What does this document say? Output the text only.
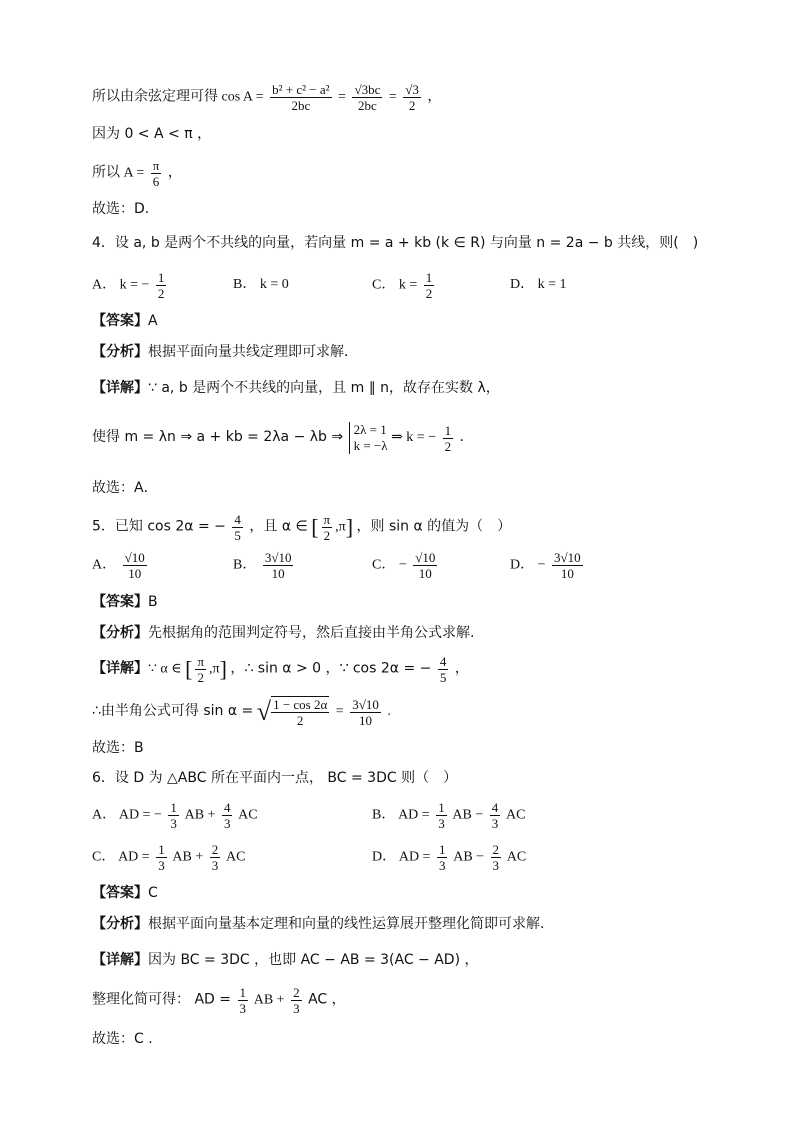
所以由余弦定理可得 $\cos A = \frac{\text{b² + c² − a²}}{2bc} = \frac{√3bc}{2bc} = \frac{√3}{2}$ ，
因为 0 < A < π ，
所以 $A = \frac{\pi}{6}$ ，
故选：D.
4．设 a, b 是两个不共线的向量，若向量 m = a + kb (k ∈ R) 与向量 n = 2a − b 共线，则(　)
A． k = − $\frac{1}{2}$	B． k = 0	C． $k = \frac{1}{2}$	D． k = 1
【答案】A
【分析】根据平面向量共线定理即可求解．
【详解】∵ a, b 是两个不共线的向量，且 m ∥ n，故存在实数 λ，
使得 m = λn ⇒ a + kb = 2λa − λb ⇒ 2λ = 1
k = −λ
⇒ k = − $\frac{1}{2}$ ．
故选：A．
5．已知 cos 2α = − $\frac{4}{5}$ ，且 α ∈ [ $\frac{\pi}{2} ,\pi$] ，则 sin α 的值为（　）
A． $\frac{√10}{10}$	B． $\frac{3√10}{10}$	C． − $\frac{√10}{10}$	D． − $\frac{3√10}{10}$
【答案】B
【分析】先根据角的范围判定符号，然后直接由半角公式求解.
【详解】∵ α ∈ [ $\frac{\pi}{2} ,\pi$] ，∴ sin α > 0 ，∵ cos 2α = − $\frac{4}{5}$ ，
∴由半角公式可得 sin α = √ $\frac{1 - \cos 2\alpha}{2} = \frac{3√10}{10}$ .
故选：B
6．设 D 为 △ABC 所在平面内一点， BC = 3DC 则（　）
A． AD = − $\frac{1}{3}$ AB + $\frac{4}{3}$ AC	B． AD = $\frac{1}{3}$ AB − $\frac{4}{3}$ AC
C． AD = $\frac{1}{3}$ AB + $\frac{2}{3}$ AC	D． AD = $\frac{1}{3}$ AB − $\frac{2}{3}$ AC
【答案】C
【分析】根据平面向量基本定理和向量的线性运算展开整理化简即可求解.
【详解】因为 BC = 3DC ，也即 AC − AB = 3(AC − AD) ，
整理化简可得： AD = $\frac{1}{3}$ AB + $\frac{2}{3}$ AC ，
故选：C .
